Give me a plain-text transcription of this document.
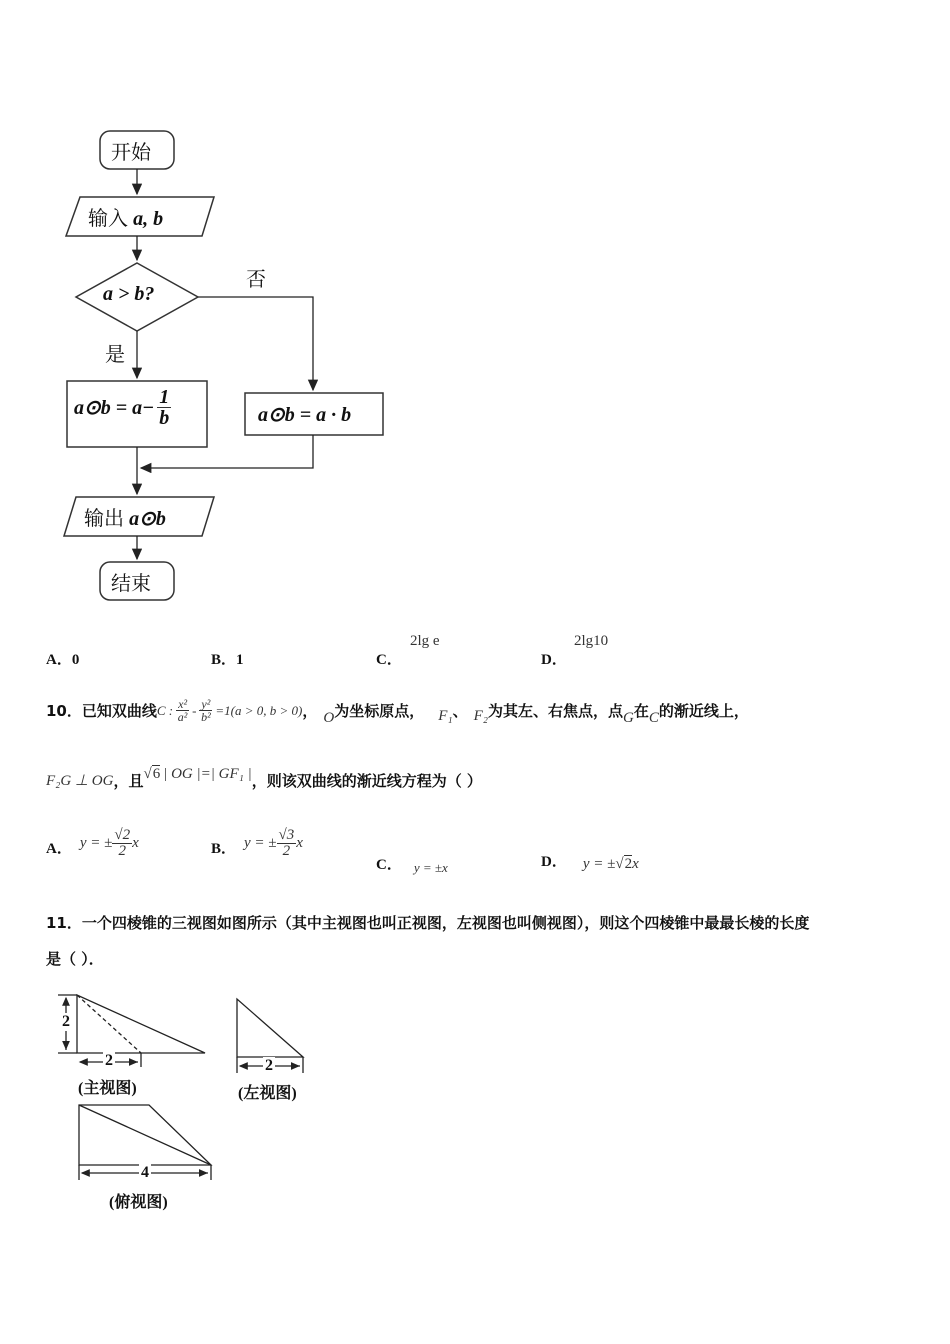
开始
输入 a, b
a > b?
否
是
a⊙b = $a- \frac{1}{b}$	a⊙b = a · b
输出 a⊙b
结束
A．0	B．1	C．
2lg e
D．
2lg10
10． 已知双曲线 C : $\frac{\text{x²}}{\text{a²}} - \frac{\text{y²}}{\text{b²}} =1(a > 0$, b > 0) ， O 为坐标原点， F₁ 、 F₂ 为其左、右焦点，点 G 在 C 的渐近线上，
F₂G ⊥ OG ，且 √6 | OG |=| GF₁ | ，则该双曲线的渐近线方程为（ ）
A． y = ± $\frac{√2}{2}$ x	B． y = ± $\frac{√3}{2}$ x
C． y = ±x	D． y = ± √2 x
11．一个四棱锥的三视图如图所示（其中主视图也叫正视图，左视图也叫侧视图），则这个四棱锥中最最长棱的长度
是（ ）．
2
2
(主视图)
2
(左视图)
4
(俯视图)
